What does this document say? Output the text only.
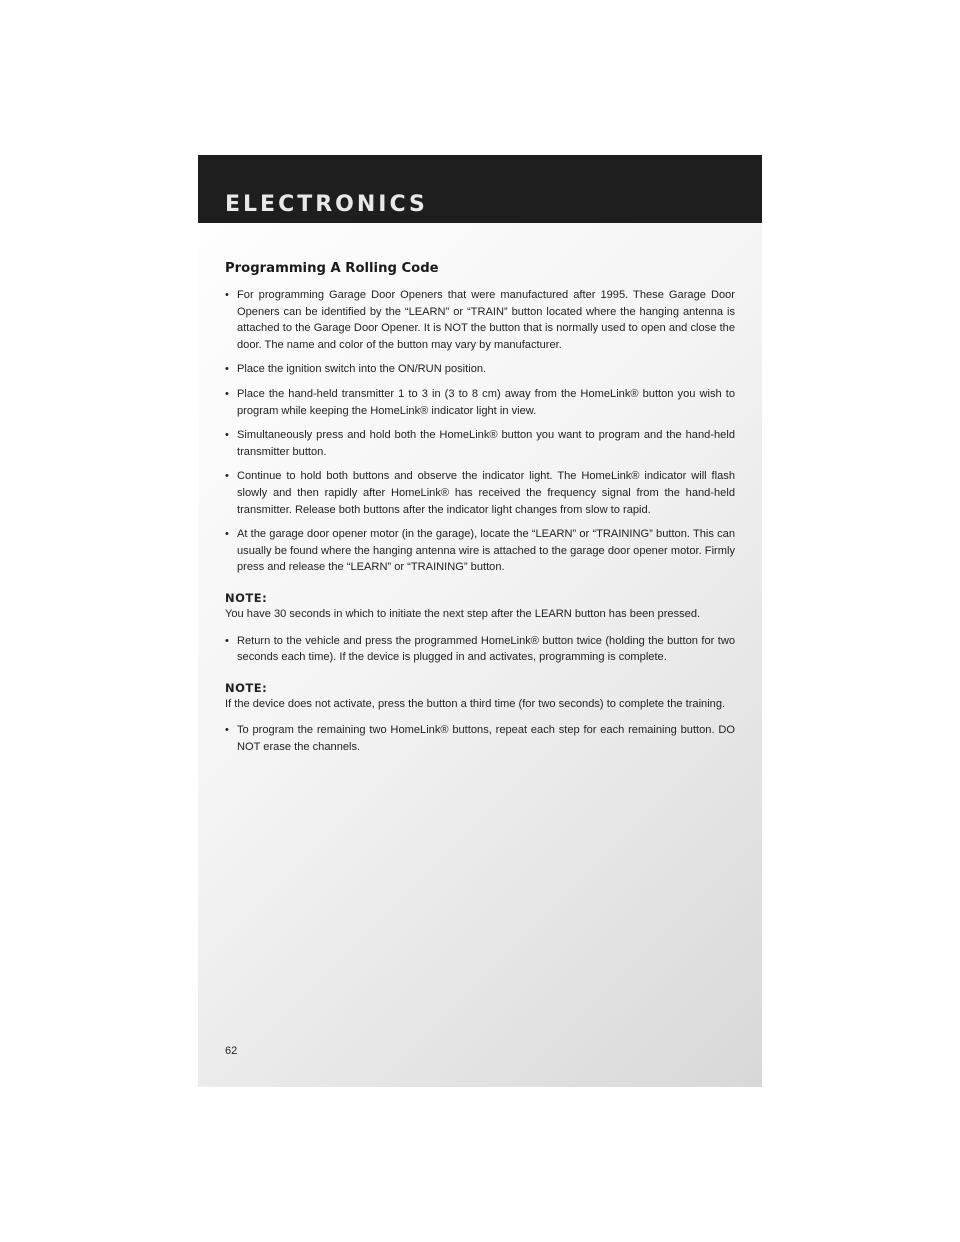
ELECTRONICS
Programming A Rolling Code
• For programming Garage Door Openers that were manufactured after 1995. These Garage Door Openers can be identified by the “LEARN” or “TRAIN” button located where the hanging antenna is attached to the Garage Door Opener. It is NOT the button that is normally used to open and close the door. The name and color of the button may vary by manufacturer.
• Place the ignition switch into the ON/RUN position.
• Place the hand-held transmitter 1 to 3 in (3 to 8 cm) away from the HomeLink® button you wish to program while keeping the HomeLink® indicator light in view.
• Simultaneously press and hold both the HomeLink® button you want to program and the hand-held transmitter button.
• Continue to hold both buttons and observe the indicator light. The HomeLink® indicator will flash slowly and then rapidly after HomeLink® has received the frequency signal from the hand-held transmitter. Release both buttons after the indicator light changes from slow to rapid.
• At the garage door opener motor (in the garage), locate the “LEARN” or “TRAINING” button. This can usually be found where the hanging antenna wire is attached to the garage door opener motor. Firmly press and release the “LEARN” or “TRAINING” button.

NOTE:

You have 30 seconds in which to initiate the next step after the LEARN button has been pressed.

• Return to the vehicle and press the programmed HomeLink® button twice (holding the button for two seconds each time). If the device is plugged in and activates, programming is complete.

NOTE:

If the device does not activate, press the button a third time (for two seconds) to complete the training.

• To program the remaining two HomeLink® buttons, repeat each step for each remaining button. DO NOT erase the channels.

62
